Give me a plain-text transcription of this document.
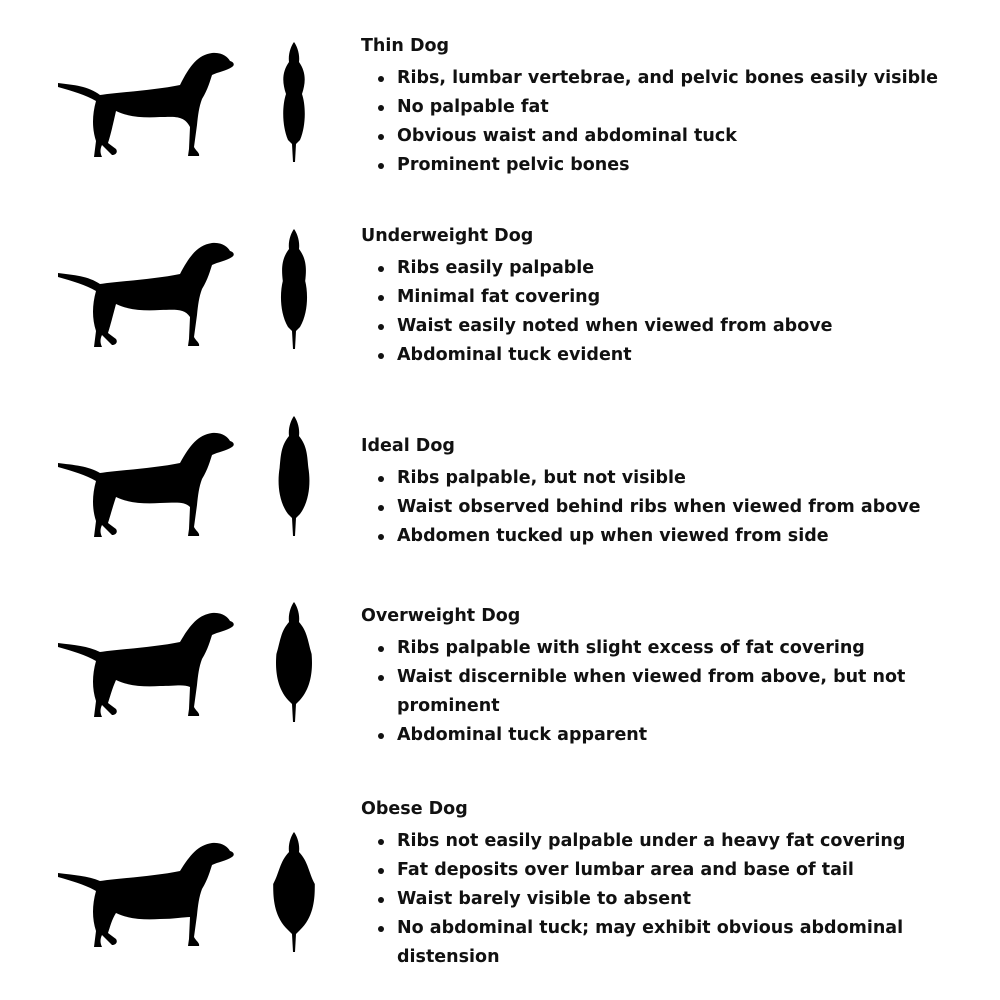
Thin Dog

Ribs, lumbar vertebrae, and pelvic bones easily visible
No palpable fat
Obvious waist and abdominal tuck
Prominent pelvic bones

Underweight Dog

Ribs easily palpable
Minimal fat covering
Waist easily noted when viewed from above
Abdominal tuck evident

Ideal Dog

Ribs palpable, but not visible
Waist observed behind ribs when viewed from above
Abdomen tucked up when viewed from side

Overweight Dog

Ribs palpable with slight excess of fat covering
Waist discernible when viewed from above, but not prominent
Abdominal tuck apparent

Obese Dog

Ribs not easily palpable under a heavy fat covering
Fat deposits over lumbar area and base of tail
Waist barely visible to absent
No abdominal tuck; may exhibit obvious abdominal distension
